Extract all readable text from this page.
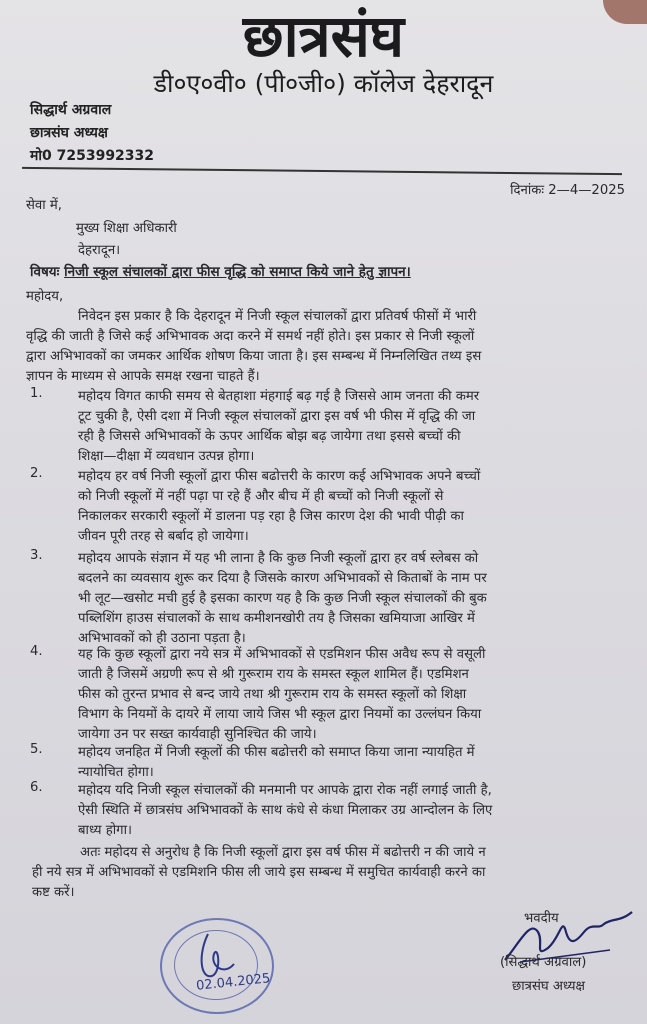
छात्रसंघ
डी०ए०वी० (पी०जी०) कॉलेज देहरादून
सिद्धार्थ अग्रवाल
छात्रसंघ अध्यक्ष
मो0 7253992332
दिनांकः 2—4—2025
सेवा में,
मुख्य शिक्षा अधिकारी
देहरादून।
विषयः निजी स्कूल संचालकों द्वारा फीस वृद्धि को समाप्त किये जाने हेतु ज्ञापन।
महोदय,
निवेदन इस प्रकार है कि देहरादून में निजी स्कूल संचालकों द्वारा प्रतिवर्ष फीसों में भारी
वृद्धि की जाती है जिसे कई अभिभावक अदा करने में समर्थ नहीं होते। इस प्रकार से निजी स्कूलों
द्वारा अभिभावकों का जमकर आर्थिक शोषण किया जाता है। इस सम्बन्ध में निम्नलिखित तथ्य इस
ज्ञापन के माध्यम से आपके समक्ष रखना चाहते हैं।
1.	महोदय विगत काफी समय से बेतहाशा मंहगाई बढ़ गई है जिससे आम जनता की कमर
टूट चुकी है, ऐसी दशा में निजी स्कूल संचालकों द्वारा इस वर्ष भी फीस में वृद्धि की जा
रही है जिससे अभिभावकों के ऊपर आर्थिक बोझ बढ़ जायेगा तथा इससे बच्चों की
शिक्षा—दीक्षा में व्यवधान उत्पन्न होगा।
2.	महोदय हर वर्ष निजी स्कूलों द्वारा फीस बढोत्तरी के कारण कई अभिभावक अपने बच्चों
को निजी स्कूलों में नहीं पढ़ा पा रहे हैं और बीच में ही बच्चों को निजी स्कूलों से
निकालकर सरकारी स्कूलों में डालना पड़ रहा है जिस कारण देश की भावी पीढ़ी का
जीवन पूरी तरह से बर्बाद हो जायेगा।
3.	महोदय आपके संज्ञान में यह भी लाना है कि कुछ निजी स्कूलों द्वारा हर वर्ष स्लेबस को
बदलने का व्यवसाय शुरू कर दिया है जिसके कारण अभिभावकों से किताबों के नाम पर
भी लूट—खसोट मची हुई है इसका कारण यह है कि कुछ निजी स्कूल संचालकों की बुक
पब्लिशिंग हाउस संचालकों के साथ कमीशनखोरी तय है जिसका खमियाजा आखिर में
अभिभावकों को ही उठाना पड़ता है।
4.	यह कि कुछ स्कूलों द्वारा नये सत्र में अभिभावकों से एडमिशन फीस अवैध रूप से वसूली
जाती है जिसमें अग्रणी रूप से श्री गुरूराम राय के समस्त स्कूल शामिल हैं। एडमिशन
फीस को तुरन्त प्रभाव से बन्द जाये तथा श्री गुरूराम राय के समस्त स्कूलों को शिक्षा
विभाग के नियमों के दायरे में लाया जाये जिस भी स्कूल द्वारा नियमों का उल्लंघन किया
जायेगा उन पर सख्त कार्यवाही सुनिश्चित की जाये।
5.	महोदय जनहित में निजी स्कूलों की फीस बढोत्तरी को समाप्त किया जाना न्यायहित में
न्यायोचित होगा।
6.	महोदय यदि निजी स्कूल संचालकों की मनमानी पर आपके द्वारा रोक नहीं लगाई जाती है,
ऐसी स्थिति में छात्रसंघ अभिभावकों के साथ कंधे से कंधा मिलाकर उग्र आन्दोलन के लिए
बाध्य होगा।
अतः महोदय से अनुरोध है कि निजी स्कूलों द्वारा इस वर्ष फीस में बढोत्तरी न की जाये न
ही नये सत्र में अभिभावकों से एडमिशनि फीस ली जाये इस सम्बन्ध में समुचित कार्यवाही करने का
कष्ट करें।
02.04.2025
भवदीय
(सिद्धार्थ अग्रवाल)
छात्रसंघ अध्यक्ष
